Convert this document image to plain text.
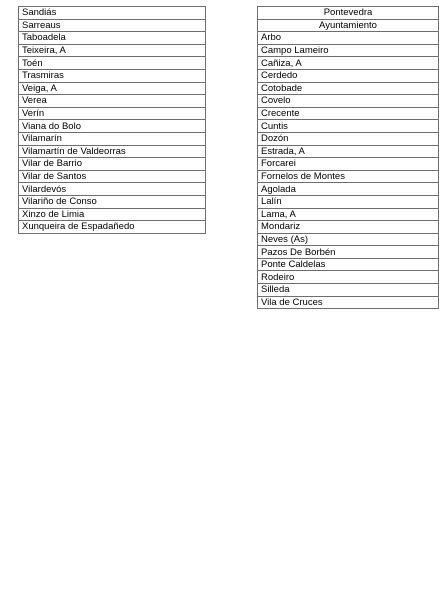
Sandiás
Sarreaus
Taboadela
Teixeira, A
Toén
Trasmiras
Veiga, A
Verea
Verín
Viana do Bolo
Vilamarín
Vilamartín de Valdeorras
Vilar de Barrio
Vilar de Santos
Vilardevós
Vilariño de Conso
Xinzo de Limia
Xunqueira de Espadañedo
Pontevedra
Ayuntamiento
Arbo
Campo Lameiro
Cañiza, A
Cerdedo
Cotobade
Covelo
Crecente
Cuntis
Dozón
Estrada, A
Forcarei
Fornelos de Montes
Agolada
Lalín
Lama, A
Mondariz
Neves (As)
Pazos De Borbén
Ponte Caldelas
Rodeiro
Silleda
Vila de Cruces
